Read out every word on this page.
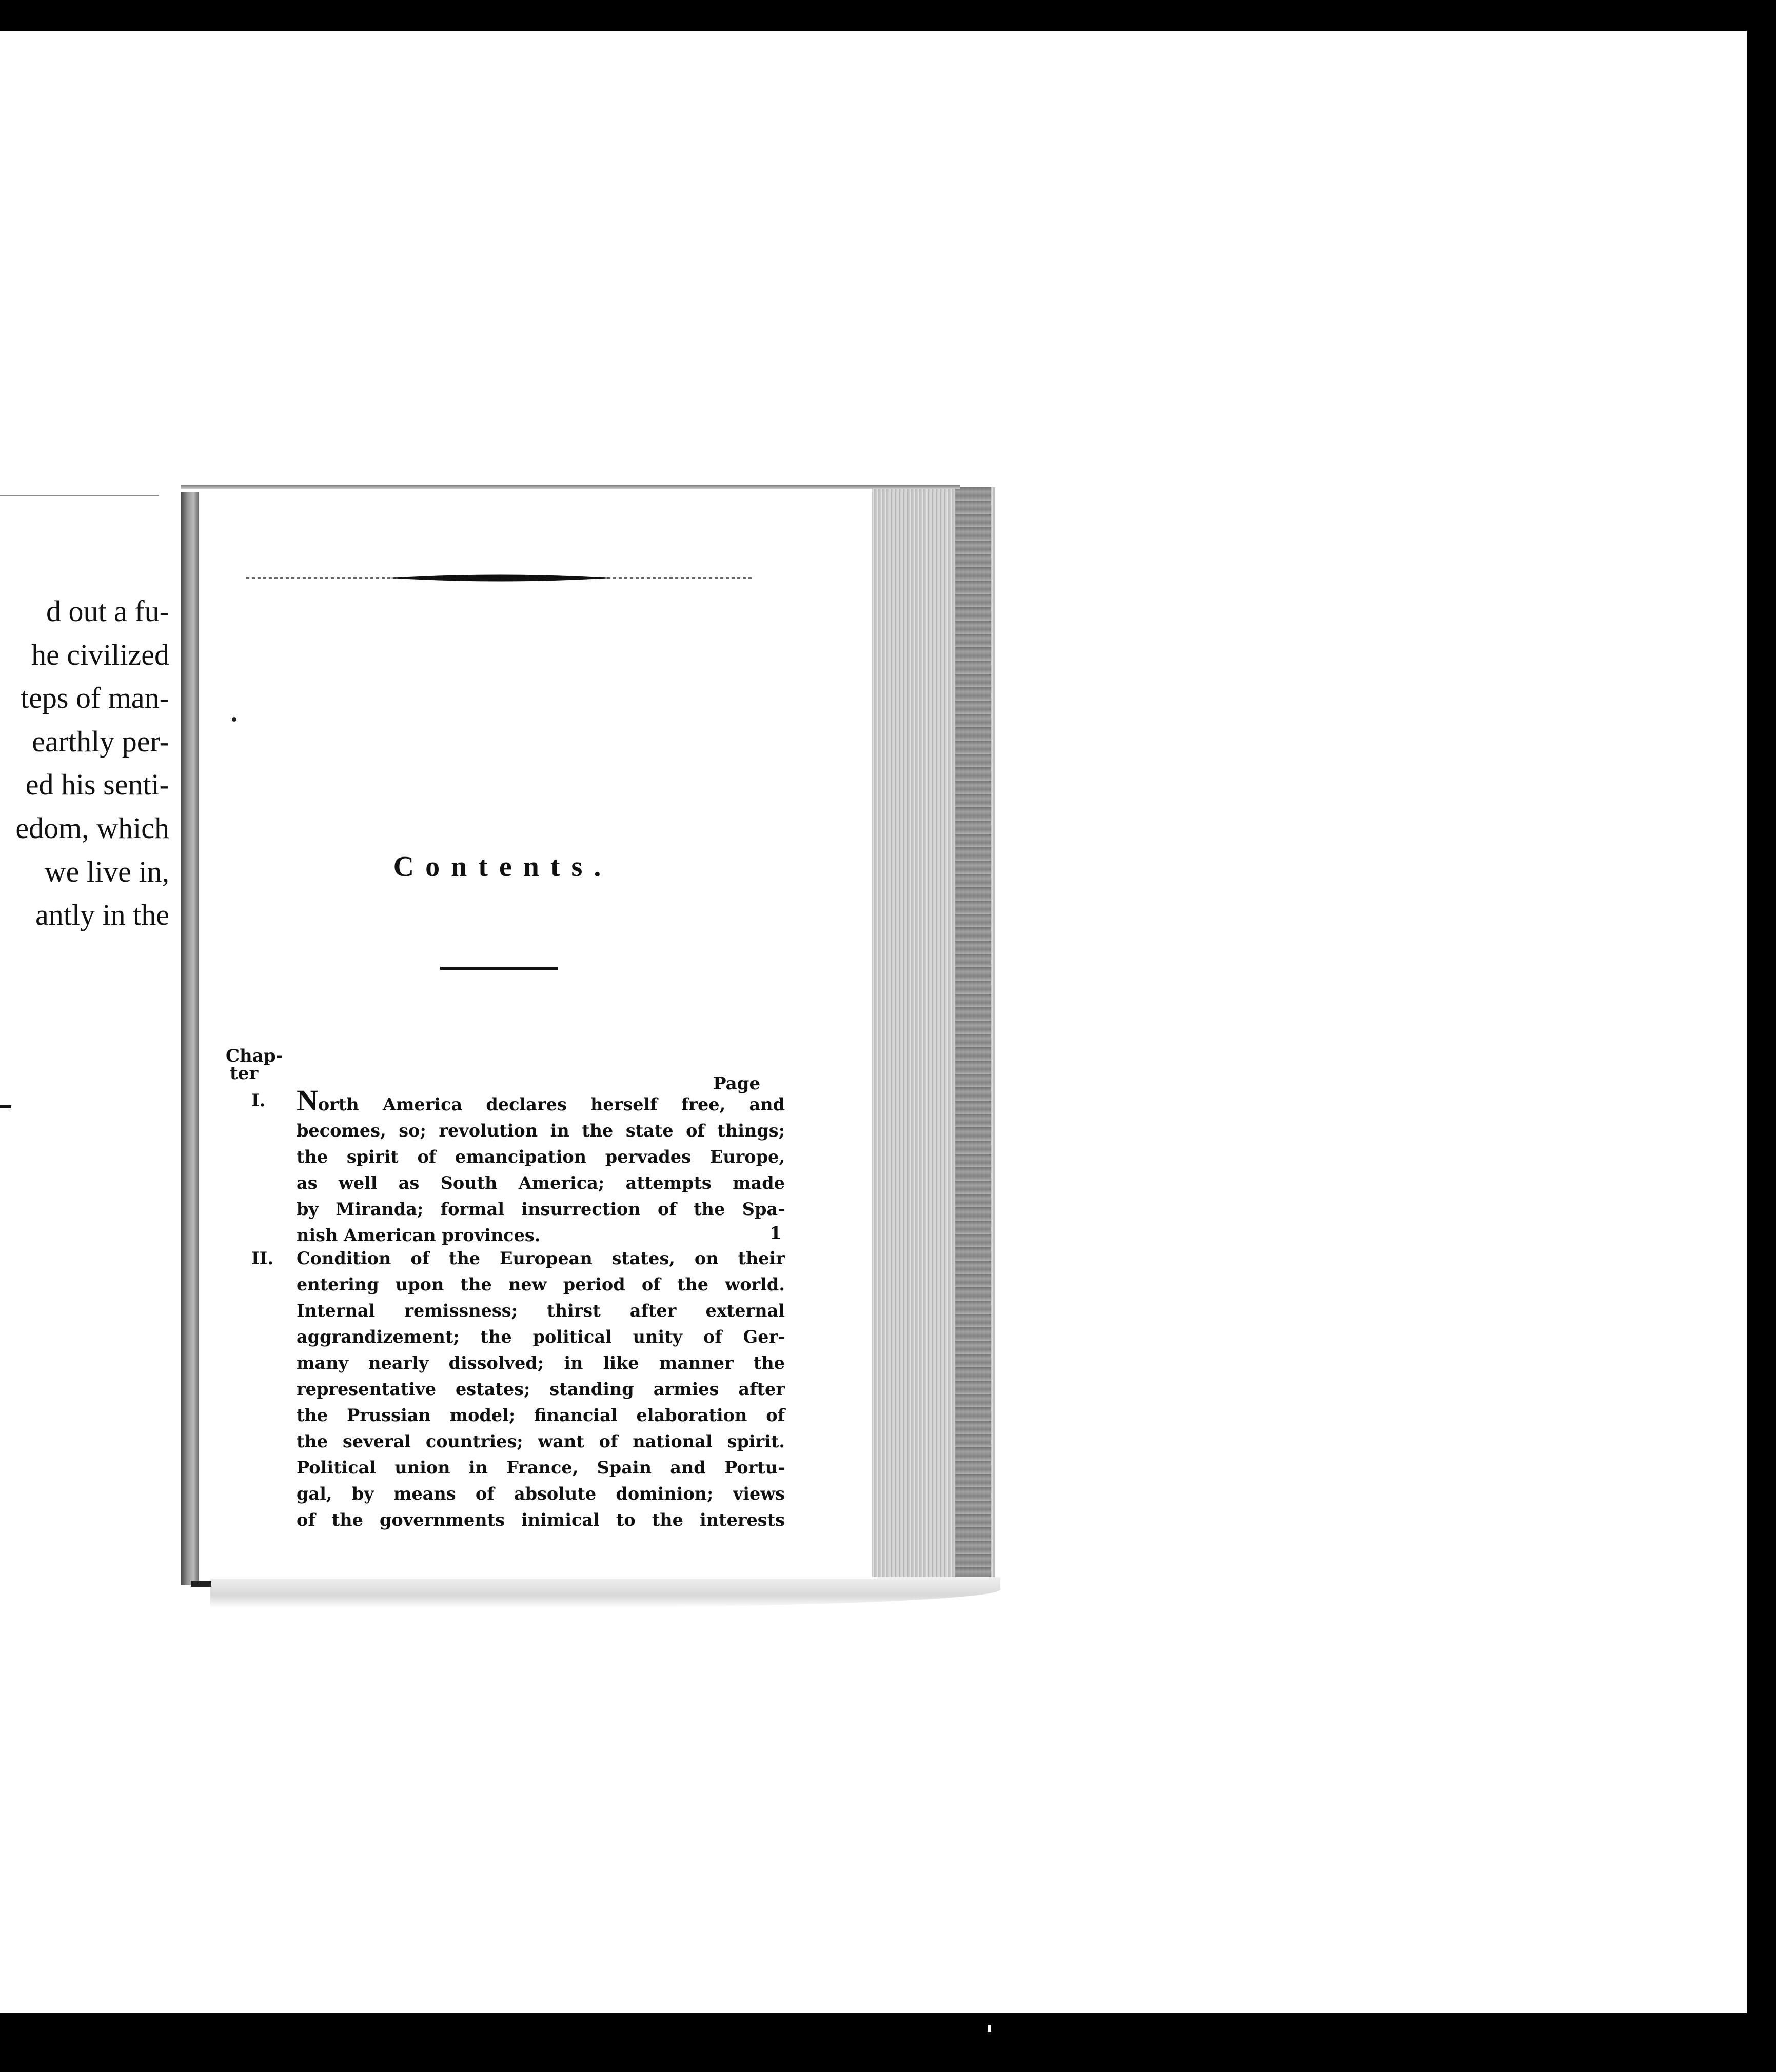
d out a fu-
he civilized
teps of man-
earthly per-
ed his senti-
edom, which
we live in,
antly in the
Contents.
Chap-
ter	Page
I.	North America declares herself free, and
becomes, so; revolution in the state of things;
the spirit of emancipation pervades Europe,
as well as South America; attempts made
by Miranda; formal insurrection of the Spa-
nish American provinces.	1
II.	Condition of the European states, on their
entering upon the new period of the world.
Internal remissness; thirst after external
aggrandizement; the political unity of Ger-
many nearly dissolved; in like manner the
representative estates; standing armies after
the Prussian model; financial elaboration of
the several countries; want of national spirit.
Political union in France, Spain and Portu-
gal, by means of absolute dominion; views
of the governments inimical to the interests
